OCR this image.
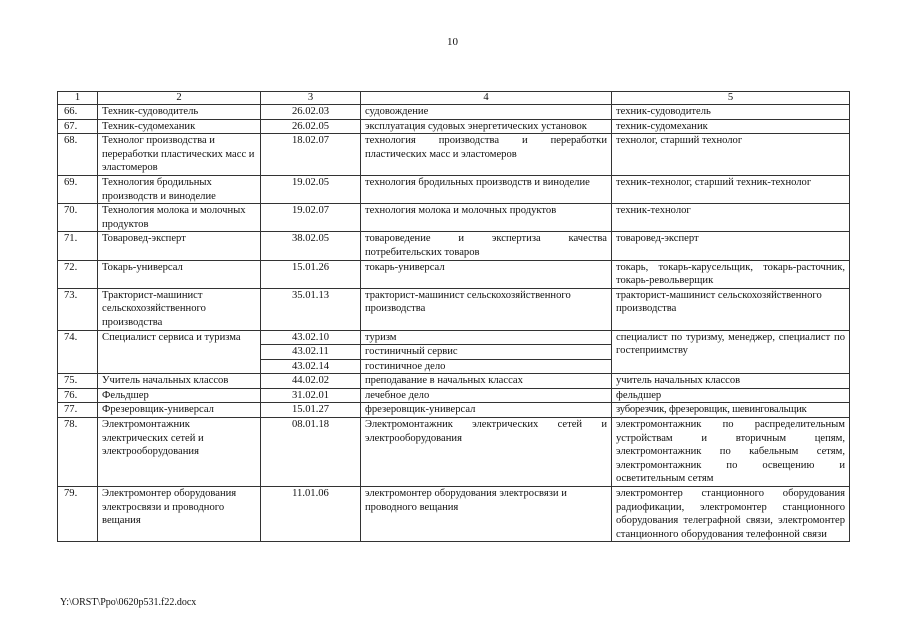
10
1	2	3	4	5
66.	Техник-судоводитель	26.02.03	судовождение	техник-судоводитель
67.	Техник-судомеханик	26.02.05	эксплуатация судовых энергетических установок	техник-судомеханик
68.	Технолог производства и переработки пластических масс и эластомеров	18.02.07	технология производства и переработки пластических масс и эластомеров	технолог, старший технолог
69.	Технология бродильных производств и виноделие	19.02.05	технология бродильных производств и виноделие	техник-технолог, старший техник-технолог
70.	Технология молока и молочных продуктов	19.02.07	технология молока и молочных продуктов	техник-технолог
71.	Товаровед-эксперт	38.02.05	товароведение и экспертиза качества потребительских товаров	товаровед-эксперт
72.	Токарь-универсал	15.01.26	токарь-универсал	токарь, токарь-карусельщик, токарь-расточник, токарь-револьверщик
73.	Тракторист-машинист сельскохозяйственного производства	35.01.13	тракторист-машинист сельскохозяйственного производства	тракторист-машинист сельскохозяйственного производства
74.	Специалист сервиса и туризма	43.02.10	туризм	специалист по туризму, менеджер, специалист по гостеприимству
		43.02.11	гостиничный сервис	
		43.02.14	гостиничное дело	
75.	Учитель начальных классов	44.02.02	преподавание в начальных классах	учитель начальных классов
76.	Фельдшер	31.02.01	лечебное дело	фельдшер
77.	Фрезеровщик-универсал	15.01.27	фрезеровщик-универсал	зуборезчик, фрезеровщик, шевинговальщик
78.	Электромонтажник электрических сетей и электрооборудования	08.01.18	Электромонтажник электрических сетей и электрооборудования	электромонтажник по распределительным устройствам и вторичным цепям, электромонтажник по кабельным сетям, электромонтажник по освещению и осветительным сетям
79.	Электромонтер оборудования электросвязи и проводного вещания	11.01.06	электромонтер оборудования электросвязи и проводного вещания	электромонтер станционного оборудования радиофикации, электромонтер станционного оборудования телеграфной связи, электромонтер станционного оборудования телефонной связи
Y:\ORST\Ppo\0620p531.f22.docx
